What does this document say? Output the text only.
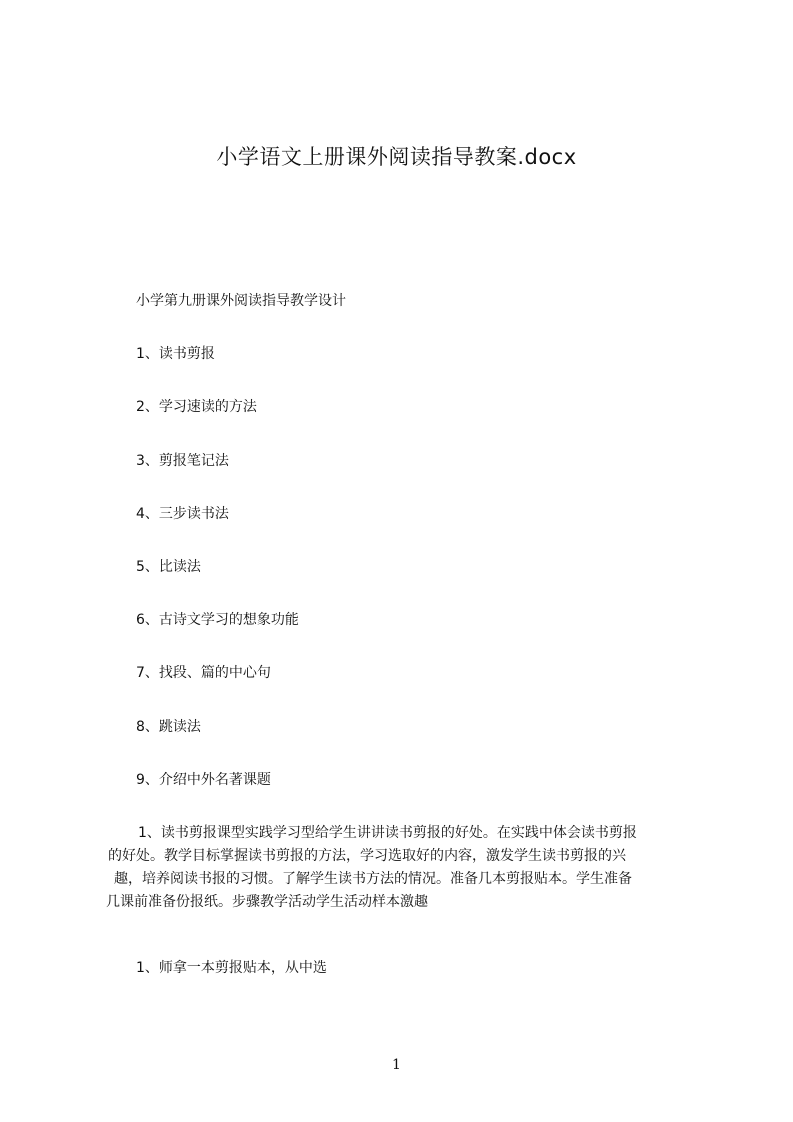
小学语文上册课外阅读指导教案.docx
小学第九册课外阅读指导教学设计
1、读书剪报
2、学习速读的方法
3、剪报笔记法
4、三步读书法
5、比读法
6、古诗文学习的想象功能
7、找段、篇的中心句
8、跳读法
9、介绍中外名著课题
1、读书剪报课型实践学习型给学生讲讲读书剪报的好处。在实践中体会读书剪报
的好处。教学目标掌握读书剪报的方法，学习选取好的内容，激发学生读书剪报的兴
趣，培养阅读书报的习惯。了解学生读书方法的情况。准备几本剪报贴本。学生准备
几课前准备份报纸。步骤教学活动学生活动样本激趣
1、师拿一本剪报贴本，从中选
1
